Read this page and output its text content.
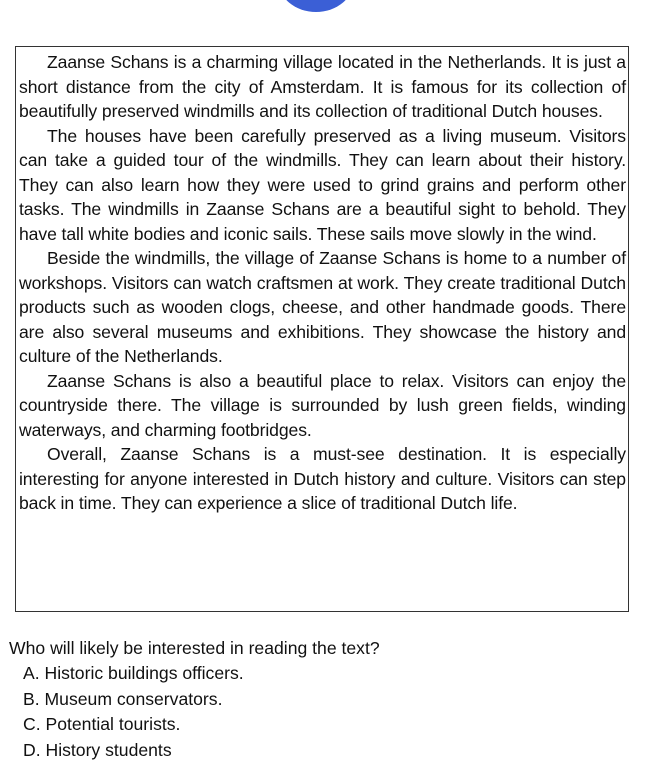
Zaanse Schans is a charming village located in the Netherlands. It is just a short distance from the city of Amsterdam. It is famous for its collection of beautifully preserved windmills and its collection of traditional Dutch houses.

The houses have been carefully preserved as a living museum. Visitors can take a guided tour of the windmills. They can learn about their history. They can also learn how they were used to grind grains and perform other tasks. The windmills in Zaanse Schans are a beautiful sight to behold. They have tall white bodies and iconic sails. These sails move slowly in the wind.

Beside the windmills, the village of Zaanse Schans is home to a number of workshops. Visitors can watch craftsmen at work. They create traditional Dutch products such as wooden clogs, cheese, and other handmade goods. There are also several museums and exhibitions. They showcase the history and culture of the Netherlands.

Zaanse Schans is also a beautiful place to relax. Visitors can enjoy the countryside there. The village is surrounded by lush green fields, winding waterways, and charming footbridges.

Overall, Zaanse Schans is a must-see destination. It is especially interesting for anyone interested in Dutch history and culture. Visitors can step back in time. They can experience a slice of traditional Dutch life.

Who will likely be interested in reading the text?

A. Historic buildings officers.
B. Museum conservators.
C. Potential tourists.
D. History students
